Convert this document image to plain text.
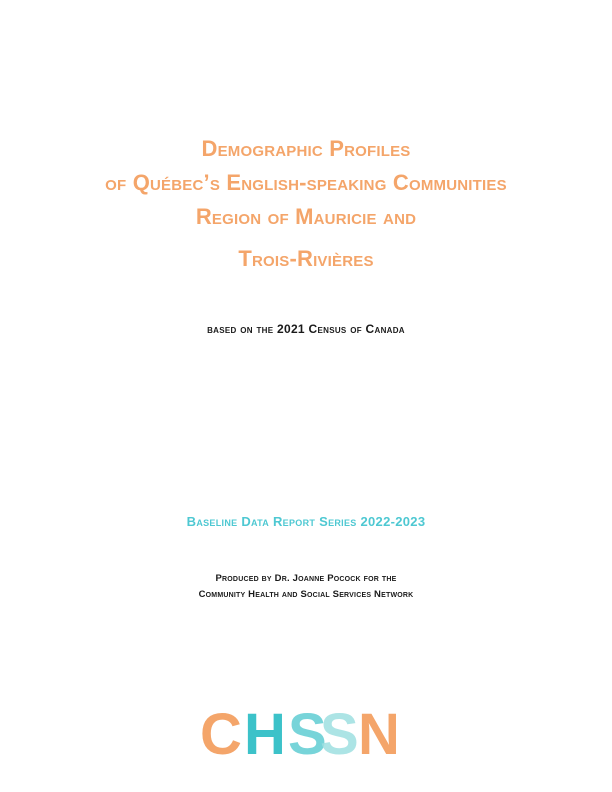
Demographic Profiles
of Québec’s English-speaking Communities
Region of Mauricie and
Trois-Rivières
based on the 2021 Census of Canada
Baseline Data Report Series 2022-2023
Produced by Dr. Joanne Pocock for the
Community Health and Social Services Network
C H S
S N
